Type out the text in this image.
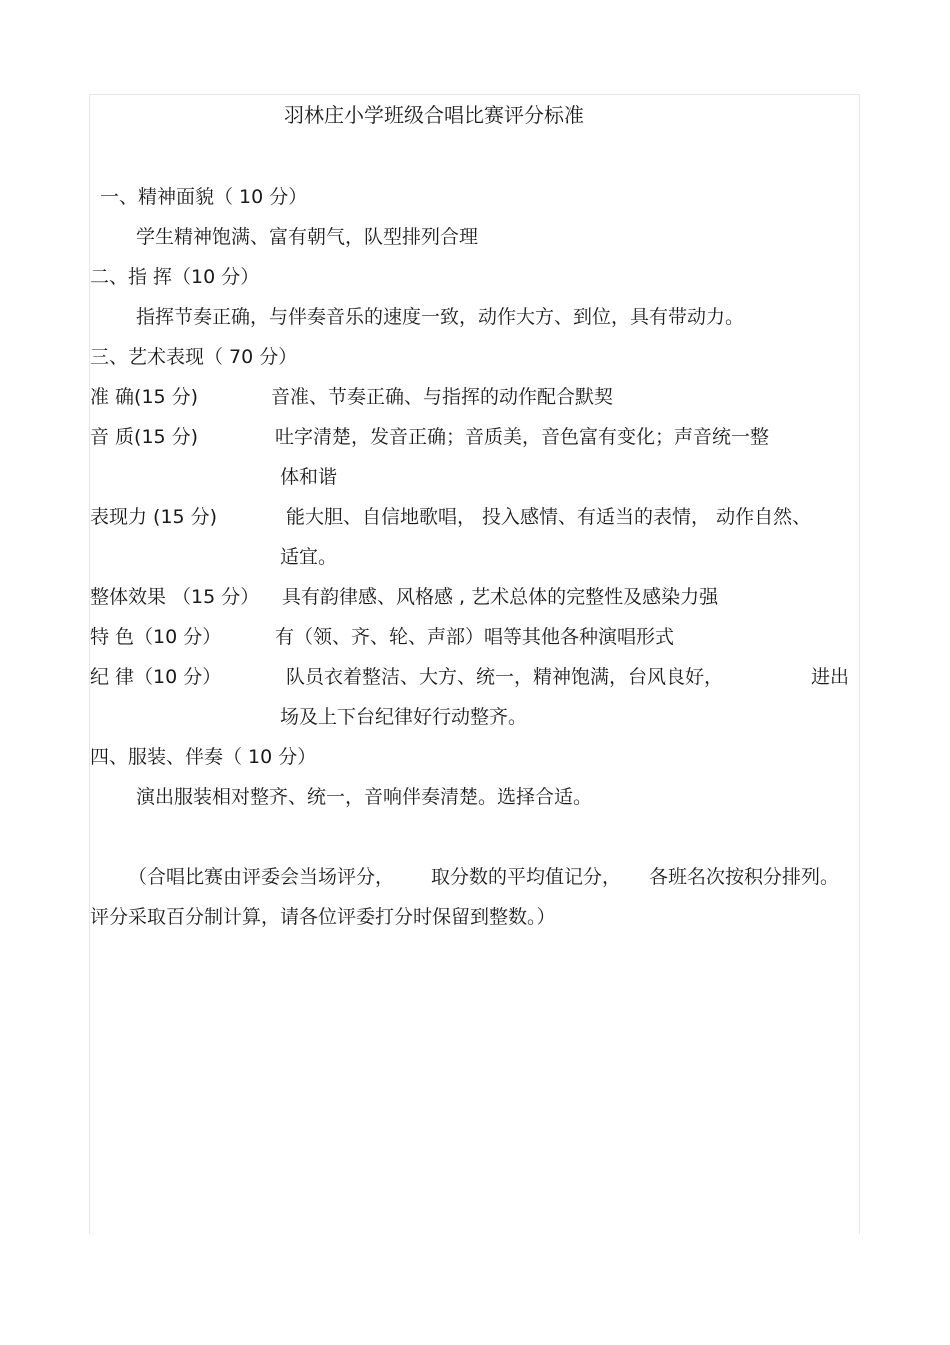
羽林庄小学班级合唱比赛评分标准
一、精神面貌（ 10 分）
学生精神饱满、富有朝气，队型排列合理
二、指 挥（10 分）
指挥节奏正确，与伴奏音乐的速度一致，动作大方、到位，具有带动力。
三、艺术表现（ 70 分）
准 确(15 分)	音准、节奏正确、与指挥的动作配合默契
音 质(15 分)	吐字清楚，发音正确；音质美，音色富有变化；声音统一整
体和谐
表现力 (15 分)	能大胆、自信地歌唱， 投入感情、有适当的表情， 动作自然、
适宜。
整体效果 （15 分） 具有韵律感、风格感 , 艺术总体的完整性及感染力强
特 色（10 分）	有（领、齐、轮、声部）唱等其他各种演唱形式
纪 律（10 分）	队员衣着整洁、大方、统一，精神饱满，台风良好，	进出
场及上下台纪律好行动整齐。
四、服装、伴奏（ 10 分）
演出服装相对整齐、统一，音响伴奏清楚。选择合适。
（合唱比赛由评委会当场评分， 取分数的平均值记分， 各班名次按积分排列。
评分采取百分制计算，请各位评委打分时保留到整数。）
